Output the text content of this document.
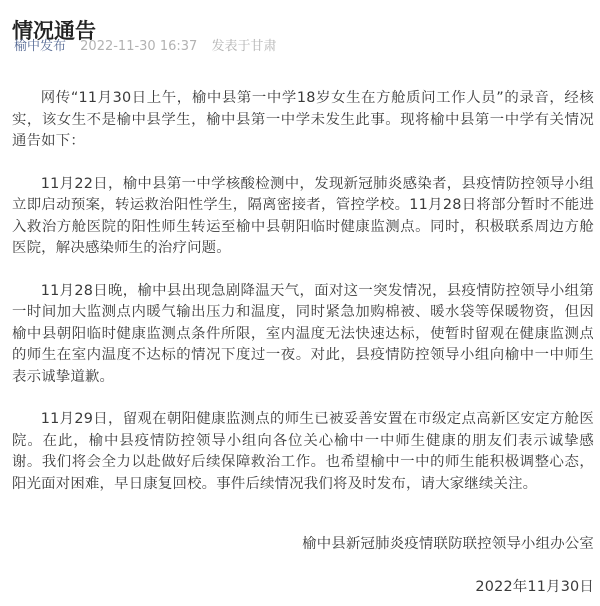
情况通告
榆中发布 2022-11-30 16:37 发表于甘肃

网传“11月30日上午，榆中县第一中学18岁女生在方舱质问工作人员”的录音，经核实，该女生不是榆中县学生，榆中县第一中学未发生此事。现将榆中县第一中学有关情况通告如下：

11月22日，榆中县第一中学核酸检测中，发现新冠肺炎感染者，县疫情防控领导小组立即启动预案，转运救治阳性学生，隔离密接者，管控学校。11月28日将部分暂时不能进入救治方舱医院的阳性师生转运至榆中县朝阳临时健康监测点。同时，积极联系周边方舱医院，解决感染师生的治疗问题。

11月28日晚，榆中县出现急剧降温天气，面对这一突发情况，县疫情防控领导小组第一时间加大监测点内暖气输出压力和温度，同时紧急加购棉被、暖水袋等保暖物资，但因榆中县朝阳临时健康监测点条件所限，室内温度无法快速达标，使暂时留观在健康监测点的师生在室内温度不达标的情况下度过一夜。对此，县疫情防控领导小组向榆中一中师生表示诚挚道歉。

11月29日，留观在朝阳健康监测点的师生已被妥善安置在市级定点高新区安定方舱医院。在此，榆中县疫情防控领导小组向各位关心榆中一中师生健康的朋友们表示诚挚感谢。我们将会全力以赴做好后续保障救治工作。也希望榆中一中的师生能积极调整心态，阳光面对困难，早日康复回校。事件后续情况我们将及时发布，请大家继续关注。

榆中县新冠肺炎疫情联防联控领导小组办公室
2022年11月30日
